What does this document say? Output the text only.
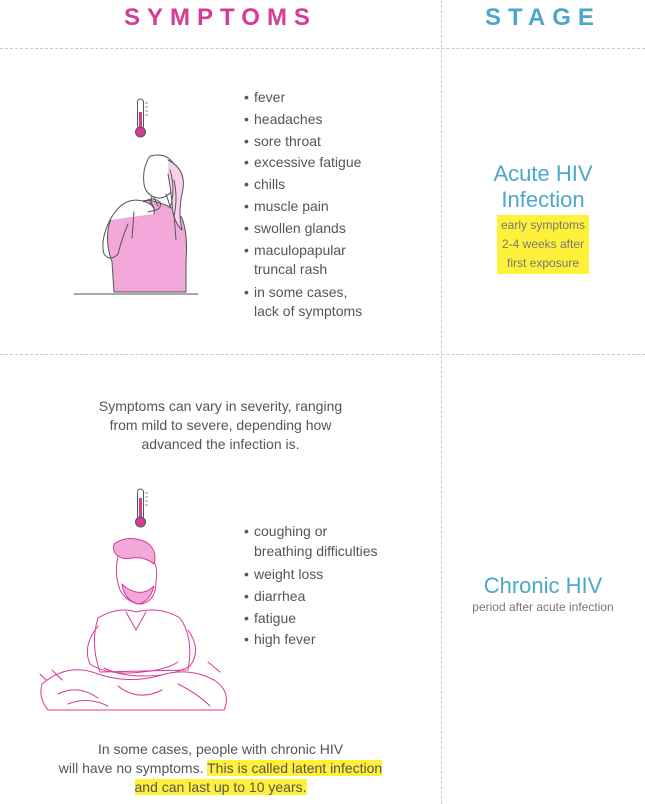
SYMPTOMS	STAGE
• fever
• headaches
• sore throat
• excessive fatigue
• chills
• muscle pain
• swollen glands
• maculopapular
truncal rash
• in some cases,
lack of symptoms
Acute HIV
Infection
early symptoms
2-4 weeks after
first exposure
Symptoms can vary in severity, ranging
from mild to severe, depending how
advanced the infection is.
• coughing or
breathing difficulties
• weight loss
• diarrhea
• fatigue
• high fever
Chronic HIV
period after acute infection
In some cases, people with chronic HIV
will have no symptoms. This is called latent infection
and can last up to 10 years.
